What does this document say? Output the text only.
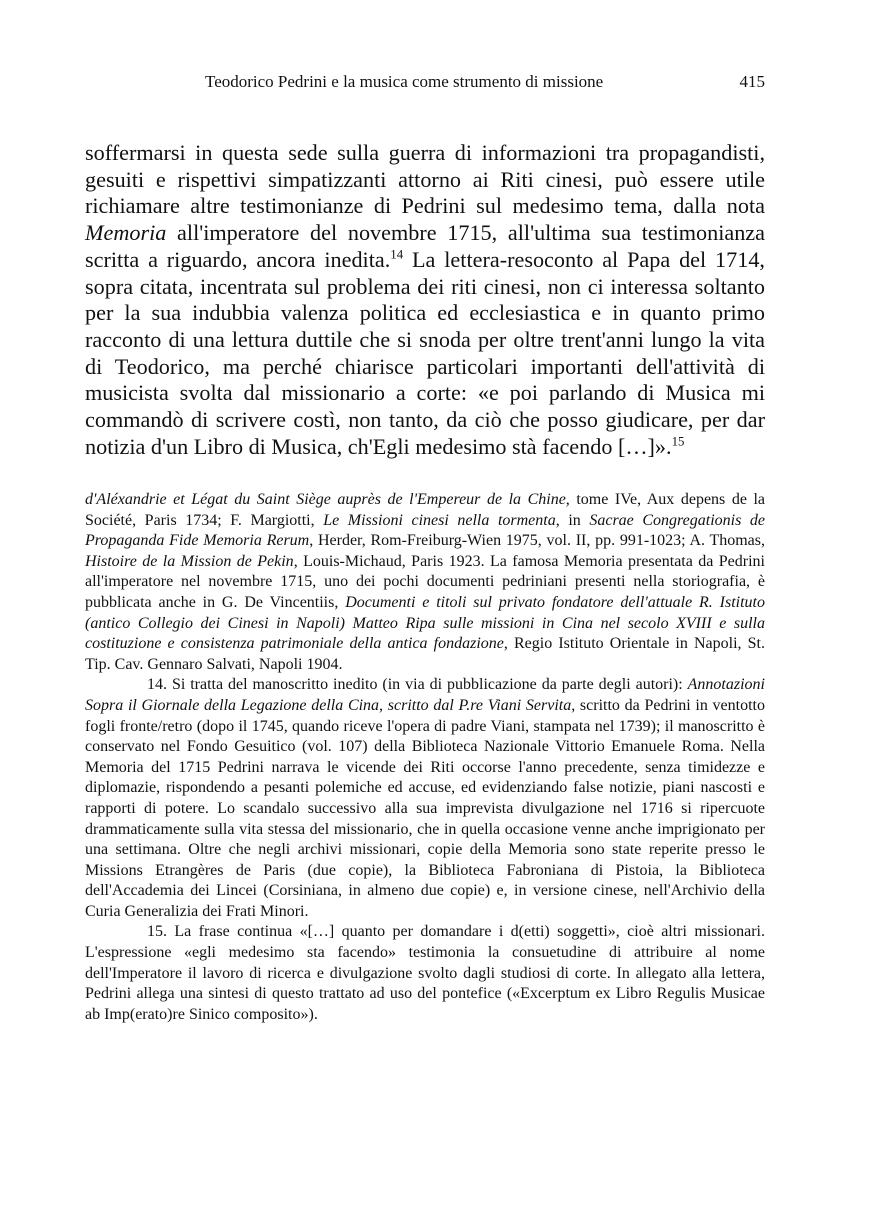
Teodorico Pedrini e la musica come strumento di missione	415

soffermarsi in questa sede sulla guerra di informazioni tra propagandisti, gesuiti e rispettivi simpatizzanti attorno ai Riti cinesi, può essere utile richiamare altre testimonianze di Pedrini sul medesimo tema, dalla nota Memoria all'imperatore del novembre 1715, all'ultima sua testimonianza scritta a riguardo, ancora inedita.$^{14}$ La lettera-resoconto al Papa del 1714, sopra citata, incentrata sul problema dei riti cinesi, non ci interessa soltanto per la sua indubbia valenza politica ed ecclesiastica e in quanto primo racconto di una lettura duttile che si snoda per oltre trent'anni lungo la vita di Teodorico, ma perché chiarisce particolari importanti dell'attività di musicista svolta dal missionario a corte: «e poi parlando di Musica mi commandò di scrivere costì, non tanto, da ciò che posso giudicare, per dar notizia d'un Libro di Musica, ch'Egli medesimo stà facendo […]».$^{15}$

d'Aléxandrie et Légat du Saint Siège auprès de l'Empereur de la Chine, tome IVe, Aux depens de la Société, Paris 1734; F. Margiotti, Le Missioni cinesi nella tormenta, in Sacrae Congregationis de Propaganda Fide Memoria Rerum, Herder, Rom-Freiburg-Wien 1975, vol. II, pp. 991-1023; A. Thomas, Histoire de la Mission de Pekin, Louis-Michaud, Paris 1923. La famosa Memoria presentata da Pedrini all'imperatore nel novembre 1715, uno dei pochi documenti pedriniani presenti nella storiografia, è pubblicata anche in G. De Vincentiis, Documenti e titoli sul privato fondatore dell'attuale R. Istituto (antico Collegio dei Cinesi in Napoli) Matteo Ripa sulle missioni in Cina nel secolo XVIII e sulla costituzione e consistenza patrimoniale della antica fondazione, Regio Istituto Orientale in Napoli, St. Tip. Cav. Gennaro Salvati, Napoli 1904.

14. Si tratta del manoscritto inedito (in via di pubblicazione da parte degli autori): Annotazioni Sopra il Giornale della Legazione della Cina, scritto dal P.re Viani Servita, scritto da Pedrini in ventotto fogli fronte/retro (dopo il 1745, quando riceve l'opera di padre Viani, stampata nel 1739); il manoscritto è conservato nel Fondo Gesuitico (vol. 107) della Biblioteca Nazionale Vittorio Emanuele Roma. Nella Memoria del 1715 Pedrini narrava le vicende dei Riti occorse l'anno precedente, senza timidezze e diplomazie, rispondendo a pesanti polemiche ed accuse, ed evidenziando false notizie, piani nascosti e rapporti di potere. Lo scandalo successivo alla sua imprevista divulgazione nel 1716 si ripercuote drammaticamente sulla vita stessa del missionario, che in quella occasione venne anche imprigionato per una settimana. Oltre che negli archivi missionari, copie della Memoria sono state reperite presso le Missions Etrangères de Paris (due copie), la Biblioteca Fabroniana di Pistoia, la Biblioteca dell'Accademia dei Lincei (Corsiniana, in almeno due copie) e, in versione cinese, nell'Archivio della Curia Generalizia dei Frati Minori.

15. La frase continua «[…] quanto per domandare i d(etti) soggetti», cioè altri missionari. L'espressione «egli medesimo sta facendo» testimonia la consuetudine di attribuire al nome dell'Imperatore il lavoro di ricerca e divulgazione svolto dagli studiosi di corte. In allegato alla lettera, Pedrini allega una sintesi di questo trattato ad uso del pontefice («Excerptum ex Libro Regulis Musicae ab Imp(erato)re Sinico composito»).
